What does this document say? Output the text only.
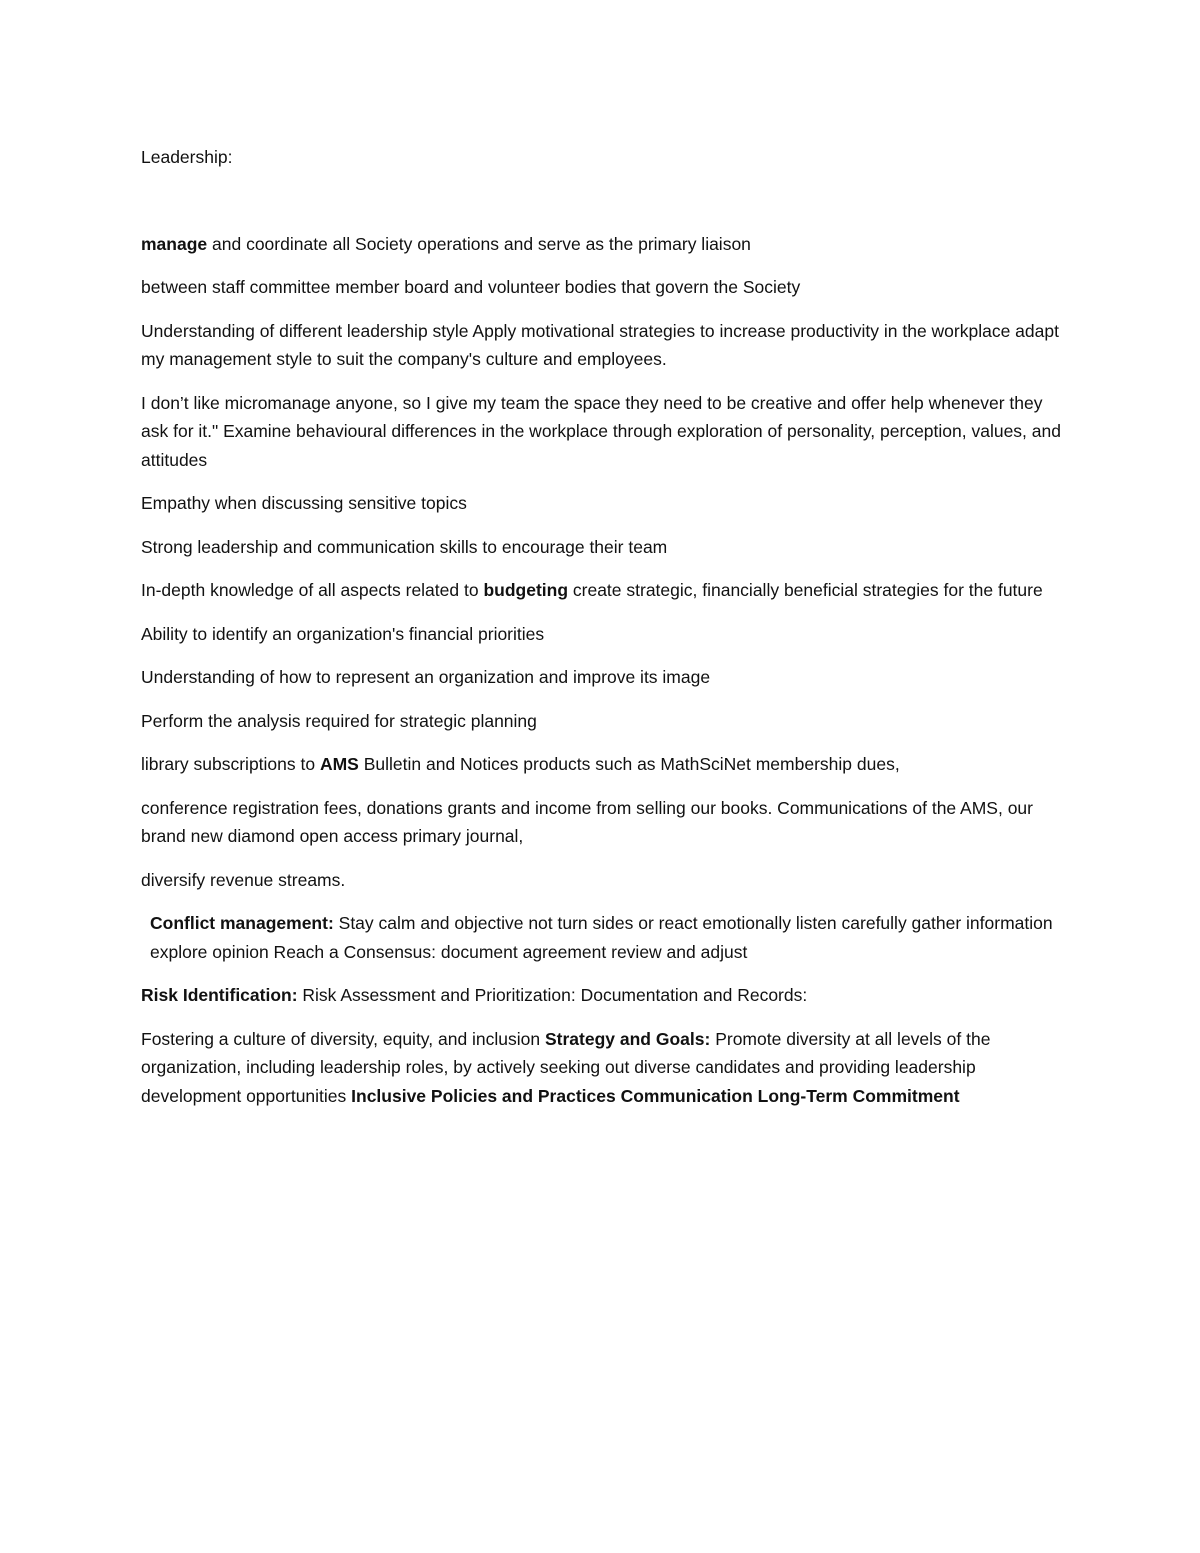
Leadership:

manage and coordinate all Society operations and serve as the primary liaison

between staff committee member board and volunteer bodies that govern the Society

Understanding of different leadership style Apply motivational strategies to increase productivity in the workplace adapt my management style to suit the company's culture and employees.

I don’t like micromanage anyone, so I give my team the space they need to be creative and offer help whenever they ask for it." Examine behavioural differences in the workplace through exploration of personality, perception, values, and attitudes

Empathy when discussing sensitive topics

Strong leadership and communication skills to encourage their team

In-depth knowledge of all aspects related to budgeting create strategic, financially beneficial strategies for the future

Ability to identify an organization's financial priorities

Understanding of how to represent an organization and improve its image

Perform the analysis required for strategic planning

library subscriptions to AMS Bulletin and Notices products such as MathSciNet membership dues,

conference registration fees, donations grants and income from selling our books. Communications of the AMS, our brand new diamond open access primary journal,

diversify revenue streams.

Conflict management: Stay calm and objective not turn sides or react emotionally listen carefully gather information explore opinion Reach a Consensus: document agreement review and adjust

Risk Identification: Risk Assessment and Prioritization: Documentation and Records:

Fostering a culture of diversity, equity, and inclusion Strategy and Goals: Promote diversity at all levels of the organization, including leadership roles, by actively seeking out diverse candidates and providing leadership development opportunities Inclusive Policies and Practices Communication Long-Term Commitment
